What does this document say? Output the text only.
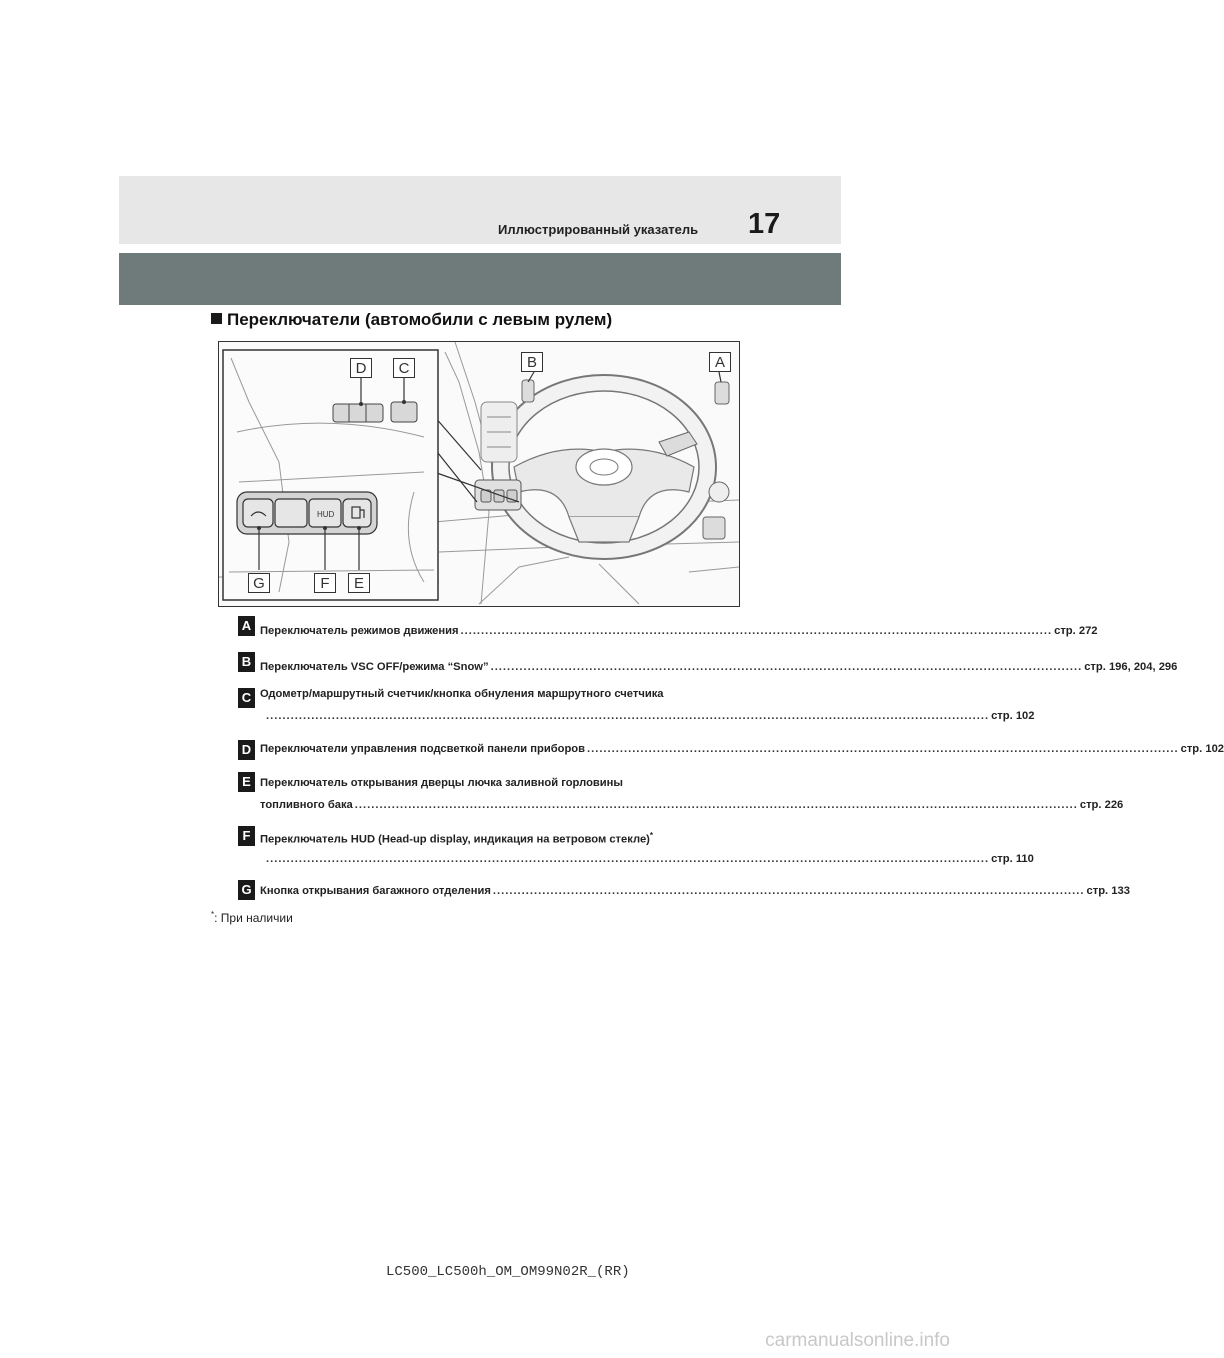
Иллюстрированный указатель 17
Переключатели (автомобили с левым рулем)
HUD
D	C	B	A
G	F	E
A Переключатель режимов движения ................................................................................................................................................ стр. 272
B Переключатель VSC OFF/режима “Snow” ................................................................................................................................................ стр. 196, 204, 296
C Одометр/маршрутный счетчик/кнопка обнуления маршрутного счетчика
................................................................................................................................................................................ стр. 102
D Переключатели управления подсветкой панели приборов ................................................................................................................................................ стр. 102
E Переключатель открывания дверцы лючка заливной горловины
топливного бака ................................................................................................................................................................................ стр. 226
F Переключатель HUD (Head-up display, индикация на ветровом стекле)*
................................................................................................................................................................................ стр. 110
G Кнопка открывания багажного отделения ................................................................................................................................................ стр. 133
*: При наличии
LC500_LC500h_OM_OM99N02R_(RR)
carmanualsonline.info
